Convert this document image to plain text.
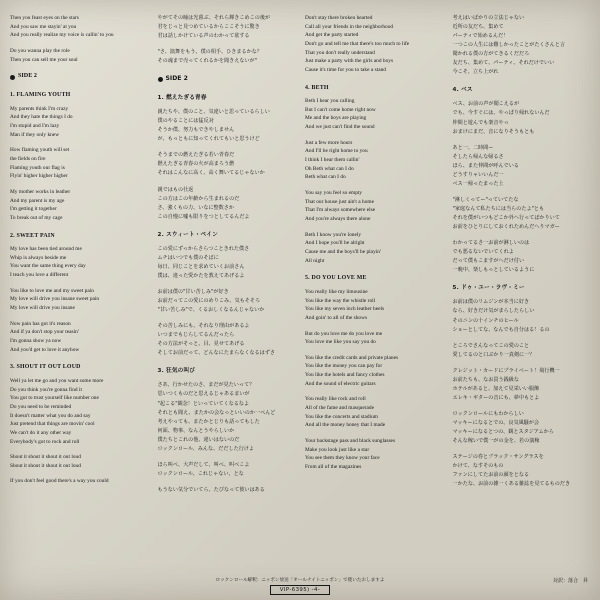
Then you feast eyes on the stars
And you saw me stayin' at you
And you really realize my voice is callin' to you
Do you wanna play the role
Then you can sell me your soul
SIDE 2
1. FLAMING YOUTH
My parents think I'm crazy
And they hate the things I do
I'm stupid and I'm lazy
Man if they only knew
How flaming youth will set
the fields on fire
Flaming youth our flag is
Flyin' higher higher higher
My mother works in leather
And my parent is my age
I'm getting it together
To break out of my cage
2. SWEET PAIN
My love has been tied around me
Whip is always beside me
You want the same thing every day
I teach you love a different
You like to love me and my sweet pain
My love will drive you insane sweet pain
My love will drive you insane
Now pain has got it's reason
And if ya don't stop your teasin'
I'm gonna show ya now
And you'd get to love it anyhow
3. SHOUT IT OUT LOUD
Well ya let me go and you want some more
Do you think you're gonna find it
You got to trust yourself like number one
Do you need to be reminded
It doesn't matter what you do and say
Just pretend that things are movin' cool
We can't do it any other way
Everybody's got to rock and roll
Shout it shout it shout it out loud
Shout it shout it shout it out loud
If you don't feel good there's a way you could
やがてその瞳は光暮ぶ、それら輝きこめこの後が
君をじっと見つめているからここそうに驚き
君は話しかけている声のわかって欲する
"さ、演舞をもう、僕の相手、ひきまるかな？
その魂まで売ってくれるかを聞きえないが"
SIDE 2
1. 燃えたぎる青春
親たちや、僕のこと、気違いと思っているらしい
僕のやることには猛反対
そうか僕、努力もできやしません
が、もっともに知ってくれてもいと思うけど
そうまでの燃えたぎる若い青春だ
燃えたぎる青春の火が高まろう燃
それはこんなに高く、高く舞いてるじゃないか
親ではもの仕返
この方はこの年齢から生まれるのだ
さ、強くもの力、いなに整数さか
この自慢に嘘も限りをつとしてるんだよ
2. スウィート・ペイン
この愛にずっからさらつこときれた僕さ
ムチはいつでも僕のそばに
毎日、同じことを求めていくお前さん
僕は、違った愛かたを教えてあげるよ
お前は僕の"甘い苦しみ"が好き
お前だってこの愛にのめりこみ、気もそそろ
"甘い苦しみ"で、くるおしくなるんじゃないか
その苦しみにも、それなり理由があるよ
いつまでもじらしてるんだったら
その方法がそっと、目、見せてあげる
そしてお前だって、どんなにたまらなくなるはずさ
3. 狂気の叫び
さあ、行かせたのさ、まだが見たいって？
思いつくものだと思えるじゃあるまいが
"起こる"観念！といっていてくなるなよ
それとも聞え、またかの会なっといいのか一ぺんど
考えやっても、またかとじりも話ってもした
何面、物事、なんとうやらしいか
僕たちとこれの他、違いはないのだ
ロックンロール、みんな、だだした行けよ
ほら叫べ、大声だして、叫べ、叫べこよ
ロックンロール、これじゃない、とな
もうない気分でいてら、たびなって彼いはある
Don't stay there broken hearted
Call all your friends in the neighborhood
And get the party started
Don't go and tell me that there's too much to life
That you don't really understand
Just make a party with the girls and boys
Cause it's time for you to take a stand
4. BETH
Beth I hear you calling
But I can't come home right now
Me and the boys are playing
And we just can't find the sound
Just a few more hours
And I'll be right home to you
I think I hear them callin'
Oh Beth what can I do
Beth what can I do
You say you feel so empty
That our house just ain't a home
That I'm always somewhere else
And you're always there alone
Beth I know you're lonely
And I hope you'll be alright
Cause me and the boys'll be playin'
All night
5. DO YOU LOVE ME
You really like my limousine
You like the way the whistle roll
You like my seven inch leather heels
And goin' to all of the shows
But do you love me do you love me
You love me like you say you do
You like the credit cards and private planes
You like the money you can pay for
You like the hotels and fancy clothes
And the sound of electric guitars
You really like rock and roll
All of the fame and masquerade
You like the concerts and stadium
And all the money honey that I made
Your backstage pass and black sunglasses
Make you look just like a star
You see them they know your face
From all of the magazines
考えはいばかりの立法じゃない
近所の友だち、集めて
パーティで始めるんだ！
一つこの人生には難しかったことがたくさんと言
聞かれる僕の方がてきるくだだろ
友だち、集めて、パーティ、それだけでいい
今こそ、立ち上がれ
4. ベス
ベス、お前の声が聞こえるが
でも、今すぐには、やっぱり帰れないんだ
仲間と遊んでも楽音やっ
おまけにまだ、音になりそうもとも
あと一、二時間ー
そしたら帰んな帰るさ
ほら、また仲間が呼んでいる
どうすりゃいいんだ一
ベス一帰ったまった上
"淋しくってー"っていてたな
"家庭なんて私たちには当らのたよ"とも
それを僕がいつもどこか外へ行ってばかりいて
お前をひとりにしておくれためんだへりマガー
わかってるさ一お前が淋しいのは
でも悪るないでいてくれよ
だって僕もこますがへだけ付い
一晩中、楽しもっとしているように
5. ドゥ・ユー・ラヴ・ミー
お前は僕のリムジンが本当に好き
なら、好きだけ気がまらしたらしい
そのニンの十インチのヒール
ショーとしてな、なんでも自分はる！るの
ところでさんなってこの愛のこと
愛してるのと口ぶかり一真剣に一？
クレジット・カードにプライベート！飛行機一
お前たちも、なお買う銭級な
ホテルがあると、加えて見栄いい服飾
エレキ・ギターの音にも、夢中もとよ
ロックンロールにもわからしい
マッキーになるとでの、良気風騒が会
マッキーになるとつの、観とスタジアムから
そんな稼いで僕一がの金を、若の演稼
ステージの券とブラック・サングラスを
かけて、なすそのもの
ファンにしてたお前の顔をとなる
一かたな、お前の雑一くある雑誌を見てるものだき
対訳：落合　昇
ロックンロール解釈：ニッポン放送「オールナイトニッポン」で使いたおしますよ
VIP-6395) -4-
